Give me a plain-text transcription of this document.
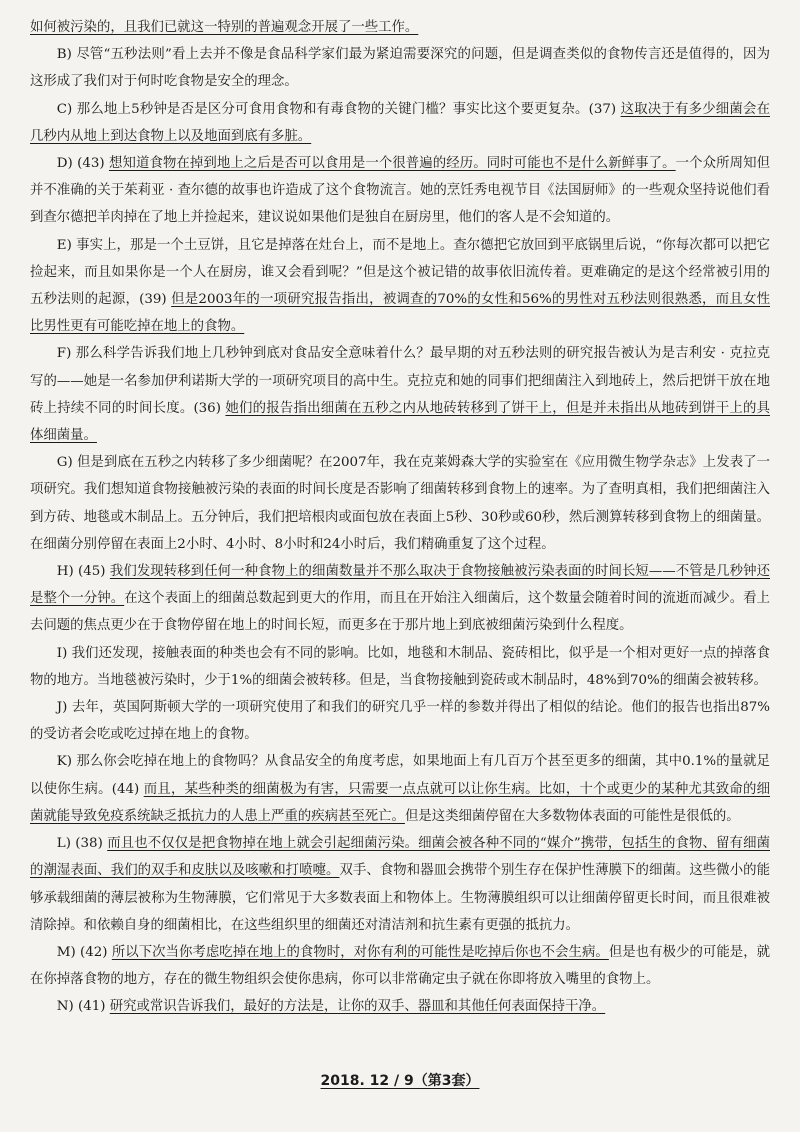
如何被污染的，且我们已就这一特别的普遍观念开展了一些工作。

B) 尽管“五秒法则”看上去并不像是食品科学家们最为紧迫需要深究的问题，但是调查类似的食物传言还是值得的，因为这形成了我们对于何时吃食物是安全的理念。

C) 那么地上5秒钟是否是区分可食用食物和有毒食物的关键门槛？事实比这个要更复杂。(37) 这取决于有多少细菌会在几秒内从地上到达食物上以及地面到底有多脏。

D) (43) 想知道食物在掉到地上之后是否可以食用是一个很普遍的经历。同时可能也不是什么新鲜事了。一个众所周知但并不准确的关于茱莉亚 · 查尔德的故事也许造成了这个食物流言。她的烹饪秀电视节目《法国厨师》的一些观众坚持说他们看到查尔德把羊肉掉在了地上并捡起来，建议说如果他们是独自在厨房里，他们的客人是不会知道的。

E) 事实上，那是一个土豆饼，且它是掉落在灶台上，而不是地上。查尔德把它放回到平底锅里后说，“你每次都可以把它捡起来，而且如果你是一个人在厨房，谁又会看到呢？”但是这个被记错的故事依旧流传着。更难确定的是这个经常被引用的五秒法则的起源，(39) 但是2003年的一项研究报告指出，被调查的70%的女性和56%的男性对五秒法则很熟悉，而且女性比男性更有可能吃掉在地上的食物。

F) 那么科学告诉我们地上几秒钟到底对食品安全意味着什么？最早期的对五秒法则的研究报告被认为是吉利安 · 克拉克写的——她是一名参加伊利诺斯大学的一项研究项目的高中生。克拉克和她的同事们把细菌注入到地砖上，然后把饼干放在地砖上持续不同的时间长度。(36) 她们的报告指出细菌在五秒之内从地砖转移到了饼干上，但是并未指出从地砖到饼干上的具体细菌量。

G) 但是到底在五秒之内转移了多少细菌呢？在2007年，我在克莱姆森大学的实验室在《应用微生物学杂志》上发表了一项研究。我们想知道食物接触被污染的表面的时间长度是否影响了细菌转移到食物上的速率。为了查明真相，我们把细菌注入到方砖、地毯或木制品上。五分钟后，我们把培根肉或面包放在表面上5秒、30秒或60秒，然后测算转移到食物上的细菌量。在细菌分别停留在表面上2小时、4小时、8小时和24小时后，我们精确重复了这个过程。

H) (45) 我们发现转移到任何一种食物上的细菌数量并不那么取决于食物接触被污染表面的时间长短——不管是几秒钟还是整个一分钟。在这个表面上的细菌总数起到更大的作用，而且在开始注入细菌后，这个数量会随着时间的流逝而减少。看上去问题的焦点更少在于食物停留在地上的时间长短，而更多在于那片地上到底被细菌污染到什么程度。

I) 我们还发现，接触表面的种类也会有不同的影响。比如，地毯和木制品、瓷砖相比，似乎是一个相对更好一点的掉落食物的地方。当地毯被污染时，少于1%的细菌会被转移。但是，当食物接触到瓷砖或木制品时，48%到70%的细菌会被转移。

J) 去年，英国阿斯顿大学的一项研究使用了和我们的研究几乎一样的参数并得出了相似的结论。他们的报告也指出87%的受访者会吃或吃过掉在地上的食物。

K) 那么你会吃掉在地上的食物吗？从食品安全的角度考虑，如果地面上有几百万个甚至更多的细菌，其中0.1%的量就足以使你生病。(44) 而且，某些种类的细菌极为有害，只需要一点点就可以让你生病。比如，十个或更少的某种尤其致命的细菌就能导致免疫系统缺乏抵抗力的人患上严重的疾病甚至死亡。但是这类细菌停留在大多数物体表面的可能性是很低的。

L) (38) 而且也不仅仅是把食物掉在地上就会引起细菌污染。细菌会被各种不同的“媒介”携带，包括生的食物、留有细菌的潮湿表面、我们的双手和皮肤以及咳嗽和打喷嚏。双手、食物和器皿会携带个别生存在保护性薄膜下的细菌。这些微小的能够承载细菌的薄层被称为生物薄膜，它们常见于大多数表面上和物体上。生物薄膜组织可以让细菌停留更长时间，而且很难被清除掉。和依赖自身的细菌相比，在这些组织里的细菌还对清洁剂和抗生素有更强的抵抗力。

M) (42) 所以下次当你考虑吃掉在地上的食物时，对你有利的可能性是吃掉后你也不会生病。但是也有极少的可能是，就在你掉落食物的地方，存在的微生物组织会使你患病，你可以非常确定虫子就在你即将放入嘴里的食物上。

N) (41) 研究或常识告诉我们，最好的方法是，让你的双手、器皿和其他任何表面保持干净。

2018. 12 / 9（第3套）
